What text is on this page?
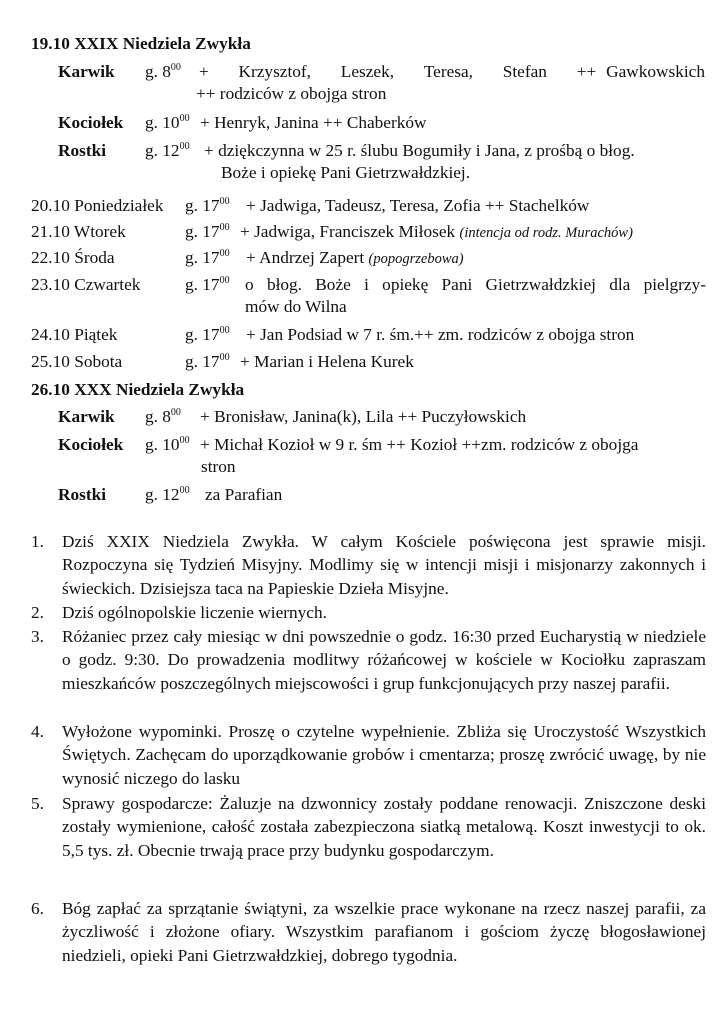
19.10 XXIX Niedziela Zwykła
Karwik g. $8^{00}$ +   Krzysztof,   Leszek,   Teresa,   Stefan   ++ Gawkowskich
++ rodziców z obojga stron
Kociołek g. $10^{00}$ + Henryk, Janina ++ Chaberków
Rostki g. $12^{00}$ + dziękczynna w 25 r. ślubu Bogumiły i Jana, z prośbą o błog.
Boże i opiekę Pani Gietrzwałdzkiej.
20.10 Poniedziałek g. $17^{00}$ + Jadwiga, Tadeusz, Teresa, Zofia ++ Stachelków
21.10 Wtorek	g. $17^{00}$ + Jadwiga, Franciszek Miłosek (intencja od rodz. Murachów)
22.10 Środa	g. $17^{00}$ + Andrzej Zapert (popogrzebowa)
23.10 Czwartek	g. $17^{00}$ o błog. Boże i opiekę Pani Gietrzwałdzkiej dla pielgrzy-
mów do Wilna
24.10 Piątek	g. $17^{00}$ + Jan Podsiad w 7 r. śm.++ zm. rodziców z obojga stron
25.10 Sobota	g. $17^{00}$ + Marian i Helena Kurek
26.10 XXX Niedziela Zwykła
Karwik g. $8^{00}$ + Bronisław, Janina(k), Lila ++ Puczyłowskich
Kociołek g. $10^{00}$ + Michał Kozioł w 9 r. śm ++ Kozioł ++zm. rodziców z obojga
stron
Rostki g. $12^{00}$ za Parafian
1. Dziś XXIX Niedziela Zwykła. W całym Kościele poświęcona jest sprawie misji. Rozpoczyna się Tydzień Misyjny. Modlimy się w intencji misji i misjonarzy zakonnych i świeckich. Dzisiejsza taca na Papieskie Dzieła Misyjne.
2. Dziś ogólnopolskie liczenie wiernych.
3. Różaniec przez cały miesiąc w dni powszednie o godz. 16:30 przed Eucharystią w niedziele o godz. 9:30. Do prowadzenia modlitwy różańcowej w kościele w Kociołku zapraszam mieszkańców poszczególnych miejscowości i grup funkcjonujących przy naszej parafii.
4. Wyłożone wypominki. Proszę o czytelne wypełnienie. Zbliża się Uroczystość Wszystkich Świętych. Zachęcam do uporządkowanie grobów i cmentarza; proszę zwrócić uwagę, by nie wynosić niczego do lasku
5. Sprawy gospodarcze: Żaluzje na dzwonnicy zostały poddane renowacji. Zniszczone deski zostały wymienione, całość została zabezpieczona siatką metalową. Koszt inwestycji to ok. 5,5 tys. zł. Obecnie trwają prace przy budynku gospodarczym.
6. Bóg zapłać za sprzątanie świątyni, za wszelkie prace wykonane na rzecz naszej parafii, za życzliwość i złożone ofiary. Wszystkim parafianom i gościom życzę błogosławionej niedzieli, opieki Pani Gietrzwałdzkiej, dobrego tygodnia.
